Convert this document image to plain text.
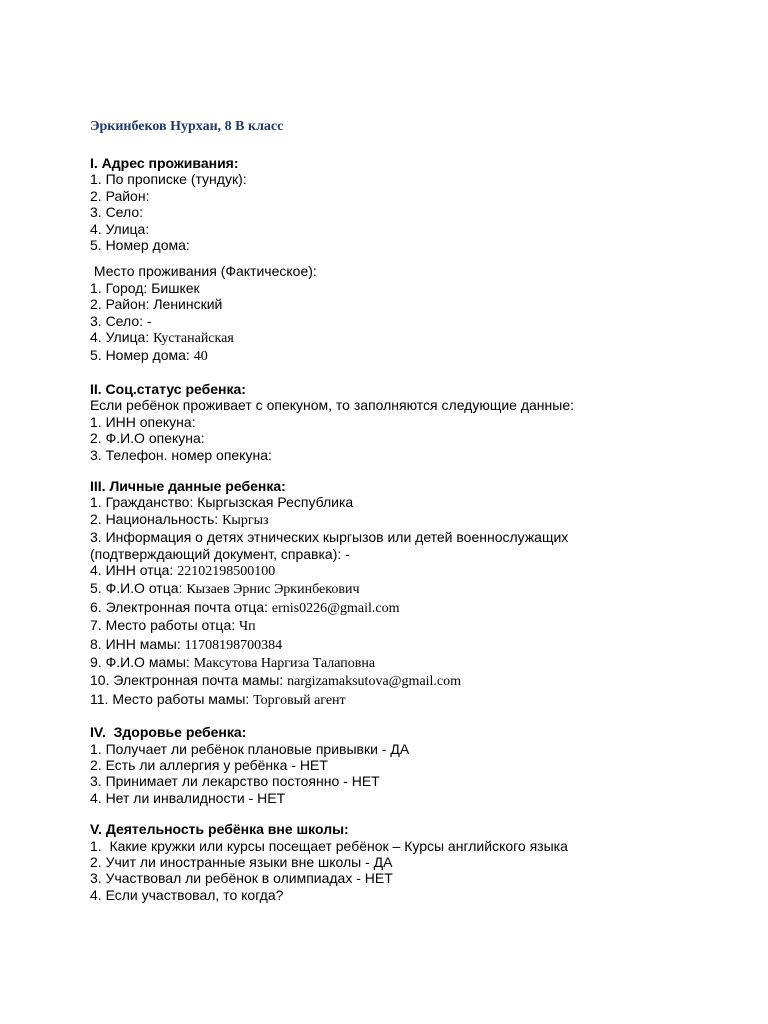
Эркинбеков Нурхан, 8 В класс

I. Адрес проживания:

1. По прописке (тундук):

2. Район:

3. Село:

4. Улица:

5. Номер дома:

Место проживания (Фактическое):

1. Город: Бишкек

2. Район: Ленинский

3. Село: -

4. Улица: Кустанайская

5. Номер дома: 40

II. Соц.статус ребенка:

Если ребёнок проживает с опекуном, то заполняются следующие данные:

1. ИНН опекуна:

2. Ф.И.О опекуна:

3. Телефон. номер опекуна:

III. Личные данные ребенка:

1. Гражданство: Кыргызская Республика

2. Национальность: Кыргыз

3. Информация о детях этнических кыргызов или детей военнослужащих

(подтверждающий документ, справка): -

4. ИНН отца: 22102198500100

5. Ф.И.О отца: Кызаев Эрнис Эркинбекович

6. Электронная почта отца: ernis0226@gmail.com

7. Место работы отца: Чп

8. ИНН мамы: 11708198700384

9. Ф.И.О мамы: Максутова Наргиза Талаповна

10. Электронная почта мамы: nargizamaksutova@gmail.com

11. Место работы мамы: Торговый агент

IV.  Здоровье ребенка:

1. Получает ли ребёнок плановые привывки - ДА

2. Есть ли аллергия у ребёнка - НЕТ

3. Принимает ли лекарство постоянно - НЕТ

4. Нет ли инвалидности - НЕТ

V. Деятельность ребёнка вне школы:

1.  Какие кружки или курсы посещает ребёнок – Курсы английского языка

2. Учит ли иностранные языки вне школы - ДА

3. Участвовал ли ребёнок в олимпиадах - НЕТ

4. Если участвовал, то когда?
